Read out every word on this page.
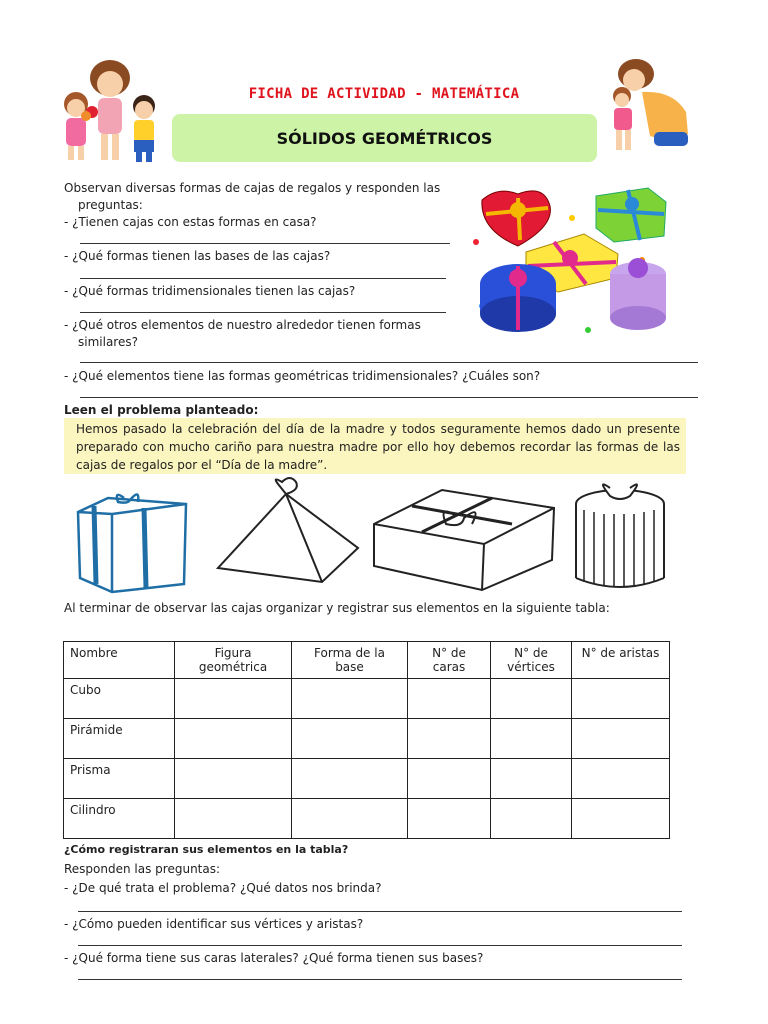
FICHA DE ACTIVIDAD - MATEMÁTICA
SÓLIDOS GEOMÉTRICOS
Observan diversas formas de cajas de regalos y responden las
preguntas:
- ¿Tienen cajas con estas formas en casa?
- ¿Qué formas tienen las bases de las cajas?
- ¿Qué formas tridimensionales tienen las cajas?
- ¿Qué otros elementos de nuestro alrededor tienen formas
similares?
- ¿Qué elementos tiene las formas geométricas tridimensionales? ¿Cuáles son?
Leen el problema planteado:

Hemos pasado la celebración del día de la madre y todos seguramente hemos dado un presente preparado con mucho cariño para nuestra madre por ello hoy debemos recordar las formas de las cajas de regalos por el “Día de la madre”.

Al terminar de observar las cajas organizar y registrar sus elementos en la siguiente tabla:
Nombre	Figura geométrica	Forma de la base	N° de caras	N° de vértices	N° de aristas
Cubo					
Pirámide					
Prisma					
Cilindro					
¿Cómo registraran sus elementos en la tabla?
Responden las preguntas:
- ¿De qué trata el problema? ¿Qué datos nos brinda?
- ¿Cómo pueden identificar sus vértices y aristas?
- ¿Qué forma tiene sus caras laterales? ¿Qué forma tienen sus bases?
